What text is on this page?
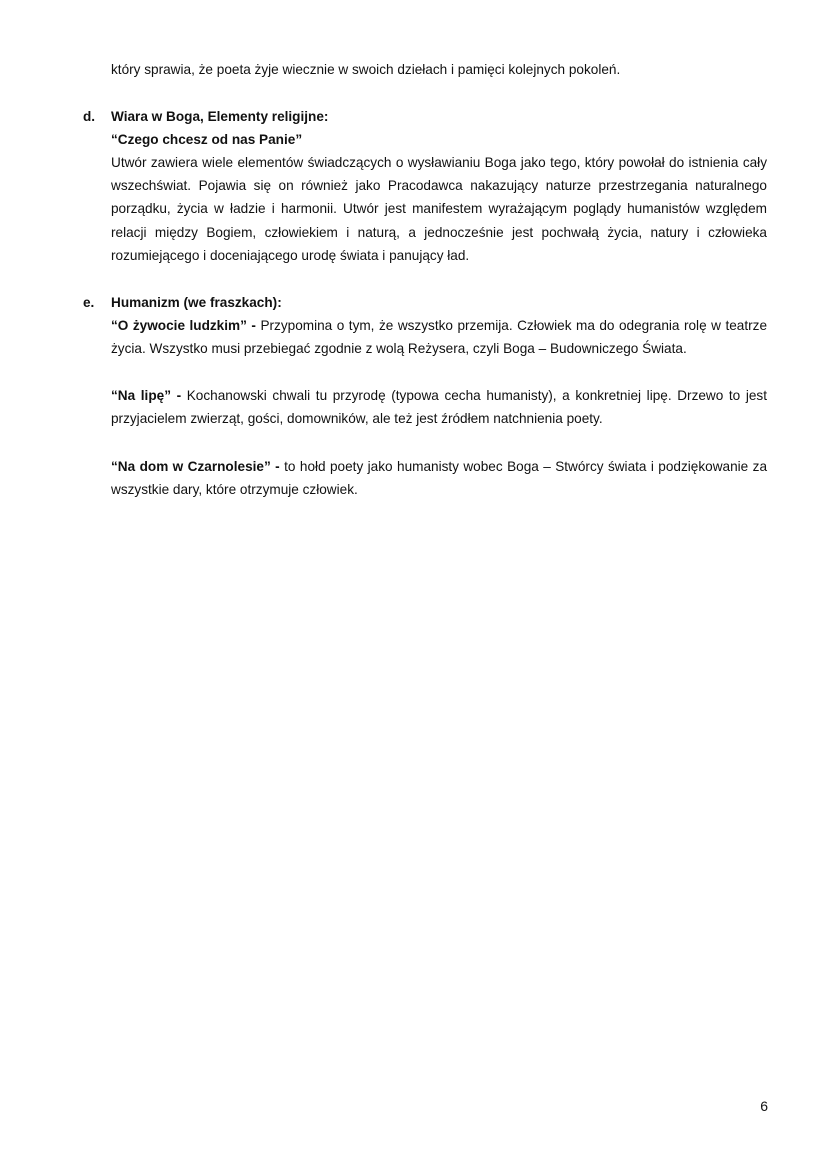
który sprawia, że poeta żyje wiecznie w swoich dziełach i pamięci kolejnych pokoleń.

d. Wiara w Boga, Elementy religijne:

“Czego chcesz od nas Panie”

Utwór zawiera wiele elementów świadczących o wysławianiu Boga jako tego, który powołał do istnienia cały wszechświat. Pojawia się on również jako Pracodawca nakazujący naturze przestrzegania naturalnego porządku, życia w ładzie i harmonii. Utwór jest manifestem wyrażającym poglądy humanistów względem relacji między Bogiem, człowiekiem i naturą, a jednocześnie jest pochwałą życia, natury i człowieka rozumiejącego i doceniającego urodę świata i panujący ład.

e. Humanizm (we fraszkach):

“O żywocie ludzkim” - Przypomina o tym, że wszystko przemija. Człowiek ma do odegrania rolę w teatrze życia. Wszystko musi przebiegać zgodnie z wolą Reżysera, czyli Boga – Budowniczego Świata.

“Na lipę” - Kochanowski chwali tu przyrodę (typowa cecha humanisty), a konkretniej lipę. Drzewo to jest przyjacielem zwierząt, gości, domowników, ale też jest źródłem natchnienia poety.

“Na dom w Czarnolesie” - to hołd poety jako humanisty wobec Boga – Stwórcy świata i podziękowanie za wszystkie dary, które otrzymuje człowiek.

6
